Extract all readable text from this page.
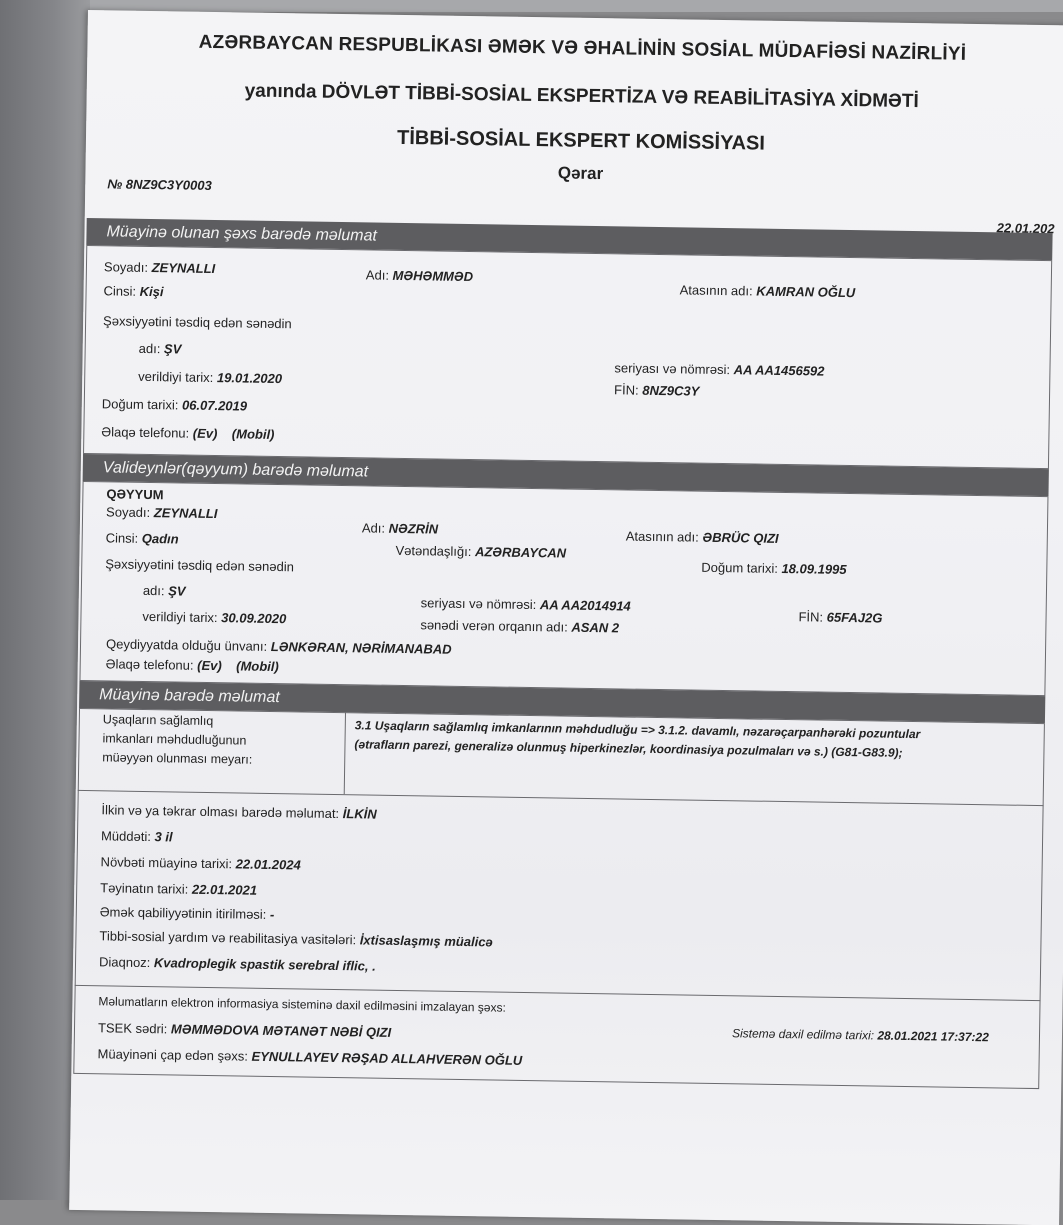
AZƏRBAYCAN RESPUBLİKASI ƏMƏK VƏ ƏHALİNİN SOSİAL MÜDAFİƏSİ NAZİRLİYİ
yanında DÖVLƏT TİBBİ-SOSİAL EKSPERTİZA VƏ REABİLİTASİYA XİDMƏTİ
TİBBİ-SOSİAL EKSPERT KOMİSSİYASI
Qərar
№ 8NZ9C3Y0003
22.01.202
Müayinə olunan şəxs barədə məlumat
Soyadı: ZEYNALLI	Adı: MƏHƏMMƏD
Atasının adı: KAMRAN OĞLU
Cinsi: Kişi
Şəxsiyyətini təsdiq edən sənədin
adı: ŞV
seriyası və nömrəsi: AA AA1456592
verildiyi tarix: 19.01.2020
FİN: 8NZ9C3Y
Doğum tarixi: 06.07.2019
Əlaqə telefonu: (Ev) (Mobil)
Valideynlər(qəyyum) barədə məlumat
QƏYYUM
Soyadı: ZEYNALLI
Adı: NƏZRİN	Atasının adı: ƏBRÜC QIZI
Cinsi: Qadın
Vətəndaşlığı: AZƏRBAYCAN
Doğum tarixi: 18.09.1995
Şəxsiyyətini təsdiq edən sənədin
adı: ŞV
seriyası və nömrəsi: AA AA2014914
FİN: 65FAJ2G
verildiyi tarix: 30.09.2020	sənədi verən orqanın adı: ASAN 2
Qeydiyyatda olduğu ünvanı: LƏNKƏRAN, NƏRİMANABAD
Əlaqə telefonu: (Ev) (Mobil)
Müayinə barədə məlumat
Uşaqların sağlamlıq
imkanları məhdudluğunun
müəyyən olunması meyarı:
3.1 Uşaqların sağlamlıq imkanlarının məhdudluğu => 3.1.2. davamlı, nəzarəçarpanhərəki pozuntular
(ətrafların parezi, generalizə olunmuş hiperkinezlər, koordinasiya pozulmaları və s.) (G81-G83.9);
İlkin və ya təkrar olması barədə məlumat: İLKİN
Müddəti: 3 il
Növbəti müayinə tarixi: 22.01.2024
Təyinatın tarixi: 22.01.2021
Əmək qabiliyyətinin itirilməsi: -
Tibbi-sosial yardım və reabilitasiya vasitələri: İxtisaslaşmış müalicə
Diaqnoz: Kvadroplegik spastik serebral iflic, .
Məlumatların elektron informasiya sisteminə daxil edilməsini imzalayan şəxs:
TSEK sədri: MƏMMƏDOVA MƏTANƏT NƏBİ QIZI	Sistemə daxil edilmə tarixi: 28.01.2021 17:37:22
Müayinəni çap edən şəxs: EYNULLAYEV RƏŞAD ALLAHVERƏN OĞLU
